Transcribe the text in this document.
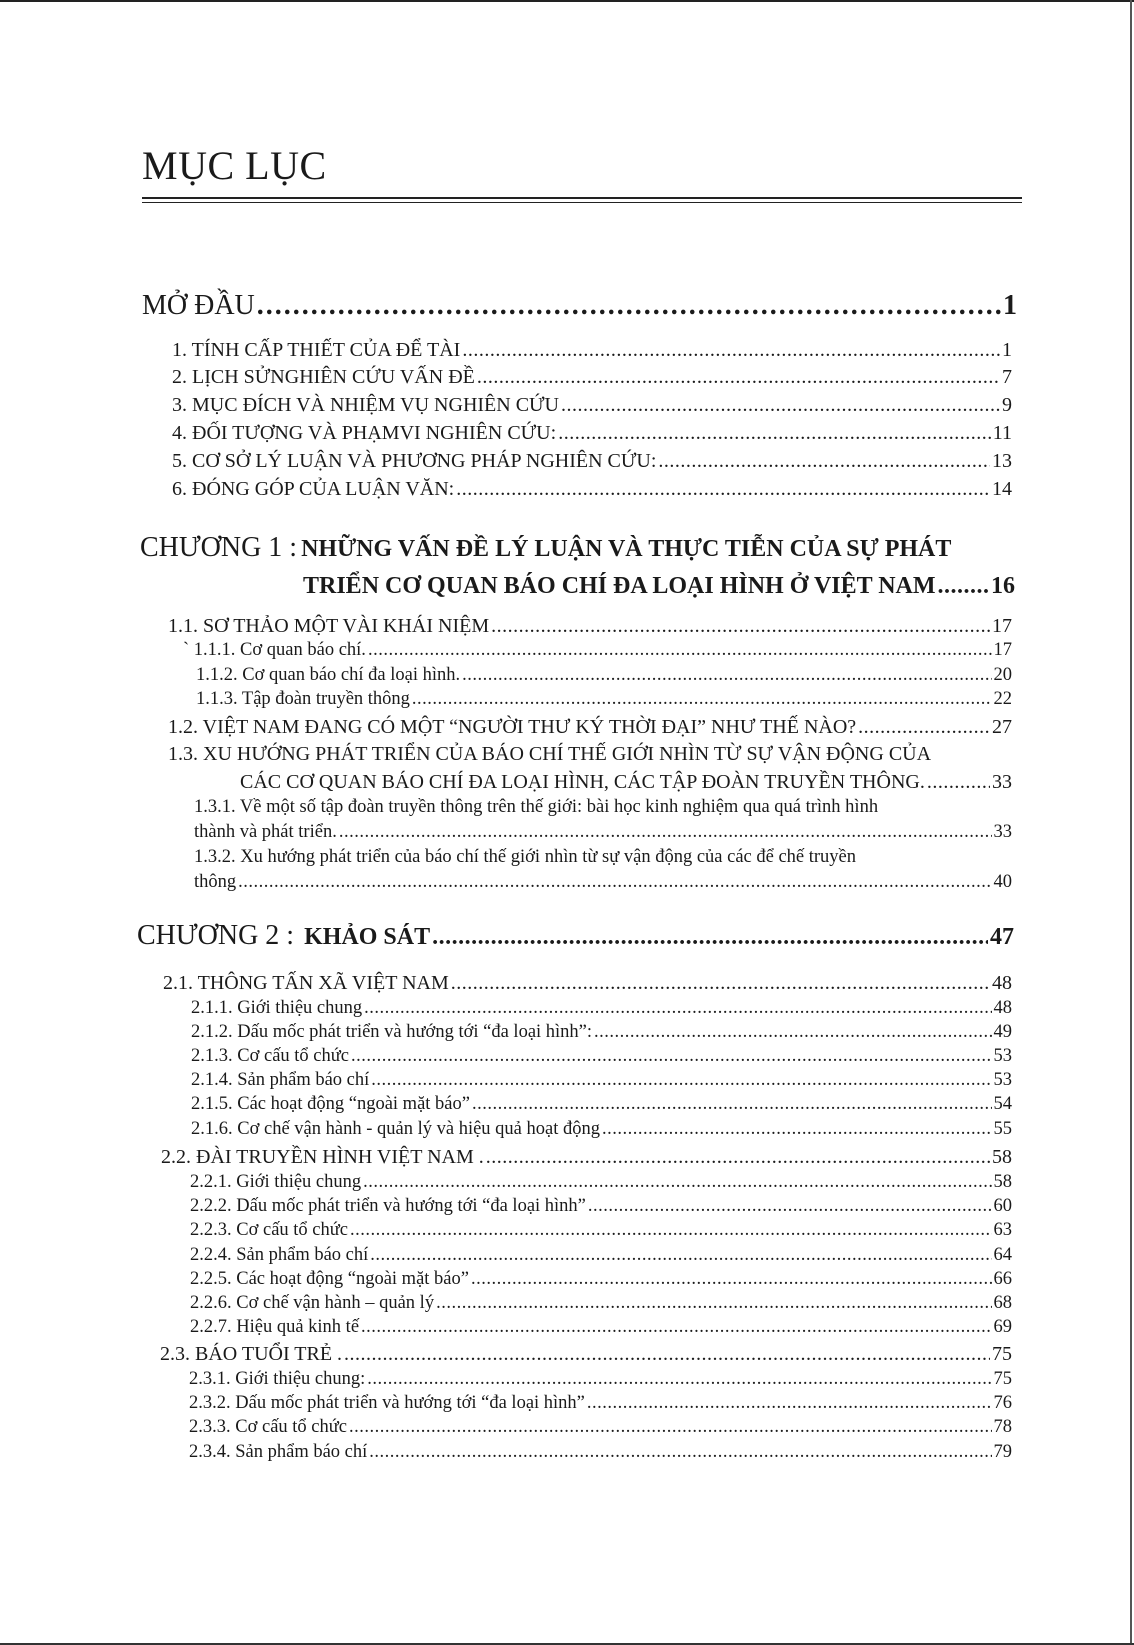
MỤC LỤC
MỞ ĐẦU .....	1
1. TÍNH CẤP THIẾT CỦA ĐỂ TÀI .....	1
2. LỊCH SỬNGHIÊN CỨU VẤN ĐỀ .....	7
3. MỤC ĐÍCH VÀ NHIỆM VỤ NGHIÊN CỨU .....	9
4. ĐỐI TƯỢNG VÀ PHẠMVI NGHIÊN CỨU: .....	11
5. CƠ SỞ LÝ LUẬN VÀ PHƯƠNG PHÁP NGHIÊN CỨU: .....	13
6. ĐÓNG GÓP CỦA LUẬN VĂN: .....	14
CHƯƠNG 1 : NHỮNG VẤN ĐỀ LÝ LUẬN VÀ THỰC TIỄN CỦA SỰ PHÁT
TRIỂN CƠ QUAN BÁO CHÍ ĐA LOẠI HÌNH Ở VIỆT NAM ..... 16
1.1. SƠ THẢO MỘT VÀI KHÁI NIỆM .....	17
` 1.1.1. Cơ quan báo chí. .....	17
1.1.2. Cơ quan báo chí đa loại hình. .....	20
1.1.3. Tập đoàn truyền thông .....	22
1.2. VIỆT NAM ĐANG CÓ MỘT “NGƯỜI THƯ KÝ THỜI ĐẠI” NHƯ THẾ NÀO? .....	27
1.3. XU HƯỚNG PHÁT TRIỂN CỦA BÁO CHÍ THẾ GIỚI NHÌN TỪ SỰ VẬN ĐỘNG CỦA
CÁC CƠ QUAN BÁO CHÍ ĐA LOẠI HÌNH, CÁC TẬP ĐOÀN TRUYỀN THÔNG. .....	33
1.3.1. Về một số tập đoàn truyền thông trên thế giới: bài học kinh nghiệm qua quá trình hình
thành và phát triển. .....	33
1.3.2. Xu hướng phát triển của báo chí thế giới nhìn từ sự vận động của các để chế truyền
thông .....	40
CHƯƠNG 2 : KHẢO SÁT .....	47
2.1. THÔNG TẤN XÃ VIỆT NAM .....	48
2.1.1. Giới thiệu chung .....	48
2.1.2. Dấu mốc phát triển và hướng tới “đa loại hình”: .....	49
2.1.3. Cơ cấu tổ chức .....	53
2.1.4. Sản phẩm báo chí .....	53
2.1.5. Các hoạt động “ngoài mặt báo” .....	54
2.1.6. Cơ chế vận hành - quản lý và hiệu quả hoạt động .....	55
2.2. ĐÀI TRUYỀN HÌNH VIỆT NAM . .....	58
2.2.1. Giới thiệu chung .....	58
2.2.2. Dấu mốc phát triển và hướng tới “đa loại hình” .....	60
2.2.3. Cơ cấu tổ chức .....	63
2.2.4. Sản phẩm báo chí .....	64
2.2.5. Các hoạt động “ngoài mặt báo” .....	66
2.2.6. Cơ chế vận hành – quản lý .....	68
2.2.7. Hiệu quả kinh tế .....	69
2.3. BÁO TUỔI TRẺ . .....	75
2.3.1. Giới thiệu chung: .....	75
2.3.2. Dấu mốc phát triển và hướng tới “đa loại hình” .....	76
2.3.3. Cơ cấu tổ chức .....	78
2.3.4. Sản phẩm báo chí .....	79
